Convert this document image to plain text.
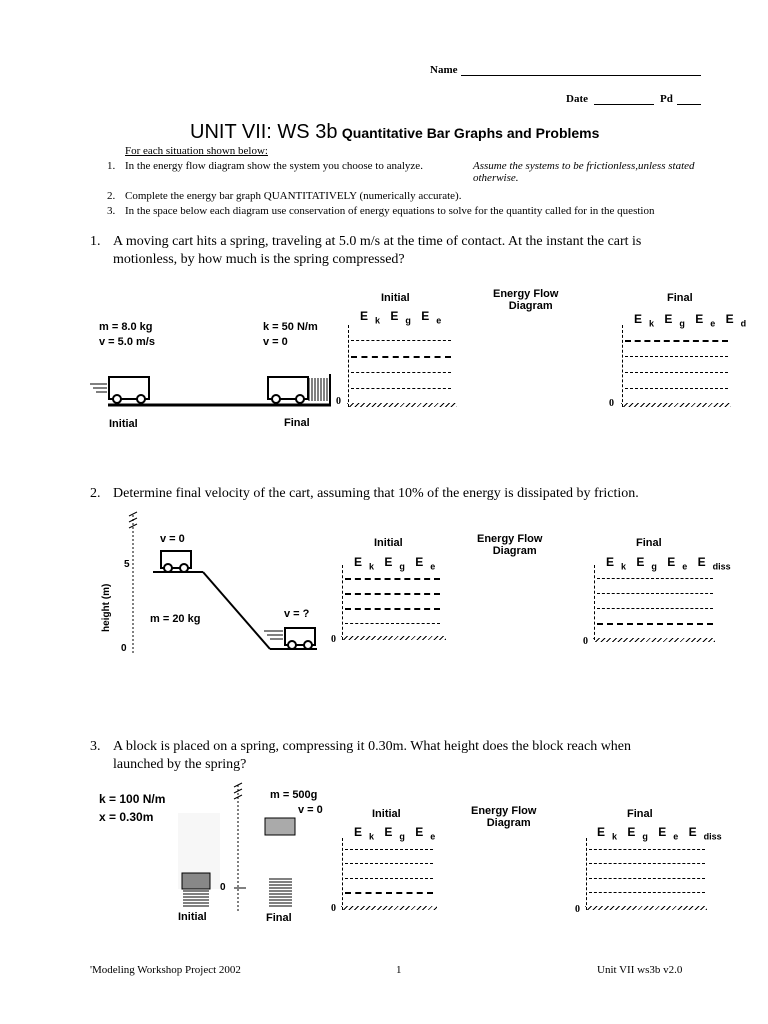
Name
Date	Pd
UNIT VII: WS 3b Quantitative Bar Graphs and Problems
For each situation shown below:
1. In the energy flow diagram show the system you choose to analyze.	Assume the systems to be frictionless,unless stated otherwise.
2. Complete the energy bar graph QUANTITATIVELY (numerically accurate).
3. In the space below each diagram use conservation of energy equations to solve for the quantity called for in the question
1. A moving cart hits a spring, traveling at 5.0 m/s at the time of contact. At the instant the cart is
motionless, by how much is the spring compressed?
m = 8.0 kg
v = 5.0 m/s
k = 50 N/m
v = 0
Initial	Final
Initial
E $_k$ E $_g$ E $_e$
0
Energy Flow
Diagram
Final
E $_k$ E $_g$ E $_e$ E $_d$
0
2. Determine final velocity of the cart, assuming that 10% of the energy is dissipated by friction.
v = 0
5
0
height (m)	m = 20 kg	v = ?
Initial
E $_k$ E $_g$ E $_e$
0
Energy Flow
Diagram
Final
E $_k$ E $_g$ E $_e$ E $_{diss}$
0
3. A block is placed on a spring, compressing it 0.30m. What height does the block reach when
launched by the spring?
k = 100 N/m
x = 0.30m
m = 500g
v = 0
0
Initial	Final
Initial
E $_k$ E $_g$ E $_e$
0
Energy Flow
Diagram
Final
E $_k$ E $_g$ E $_e$ E $_{diss}$
0
'Modeling Workshop Project 2002	1	Unit VII ws3b v2.0
